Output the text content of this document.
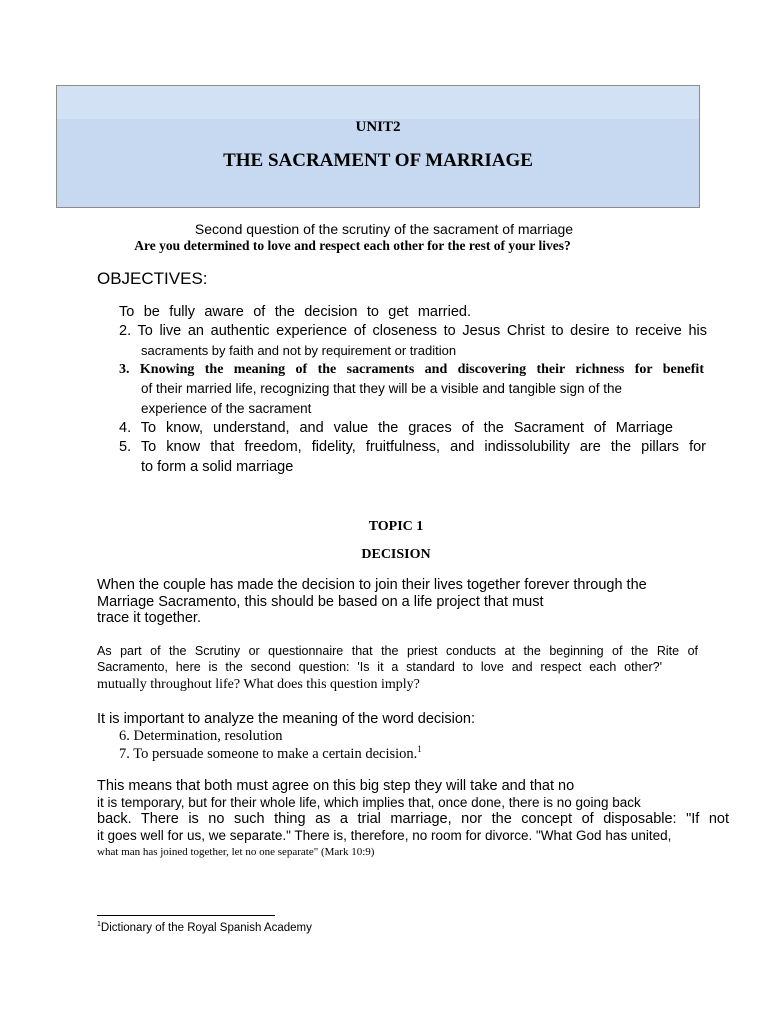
UNIT2
THE SACRAMENT OF MARRIAGE
Second question of the scrutiny of the sacrament of marriage
Are you determined to love and respect each other for the rest of your lives?
OBJECTIVES:
To be fully aware of the decision to get married.
2. To live an authentic experience of closeness to Jesus Christ to desire to receive his
sacraments by faith and not by requirement or tradition
3. Knowing the meaning of the sacraments and discovering their richness for benefit
of their married life, recognizing that they will be a visible and tangible sign of the
experience of the sacrament
4. To know, understand, and value the graces of the Sacrament of Marriage
5. To know that freedom, fidelity, fruitfulness, and indissolubility are the pillars for
to form a solid marriage
TOPIC 1
DECISION
When the couple has made the decision to join their lives together forever through the
Marriage Sacramento, this should be based on a life project that must
trace it together.
As part of the Scrutiny or questionnaire that the priest conducts at the beginning of the Rite of
Sacramento, here is the second question: 'Is it a standard to love and respect each other?'
mutually throughout life? What does this question imply?
It is important to analyze the meaning of the word decision:
6. Determination, resolution
7. To persuade someone to make a certain decision.$^1$
This means that both must agree on this big step they will take and that no
it is temporary, but for their whole life, which implies that, once done, there is no going back
back. There is no such thing as a trial marriage, nor the concept of disposable: "If not
it goes well for us, we separate." There is, therefore, no room for divorce. "What God has united,
what man has joined together, let no one separate" (Mark 10:9)
$^1$Dictionary of the Royal Spanish Academy
